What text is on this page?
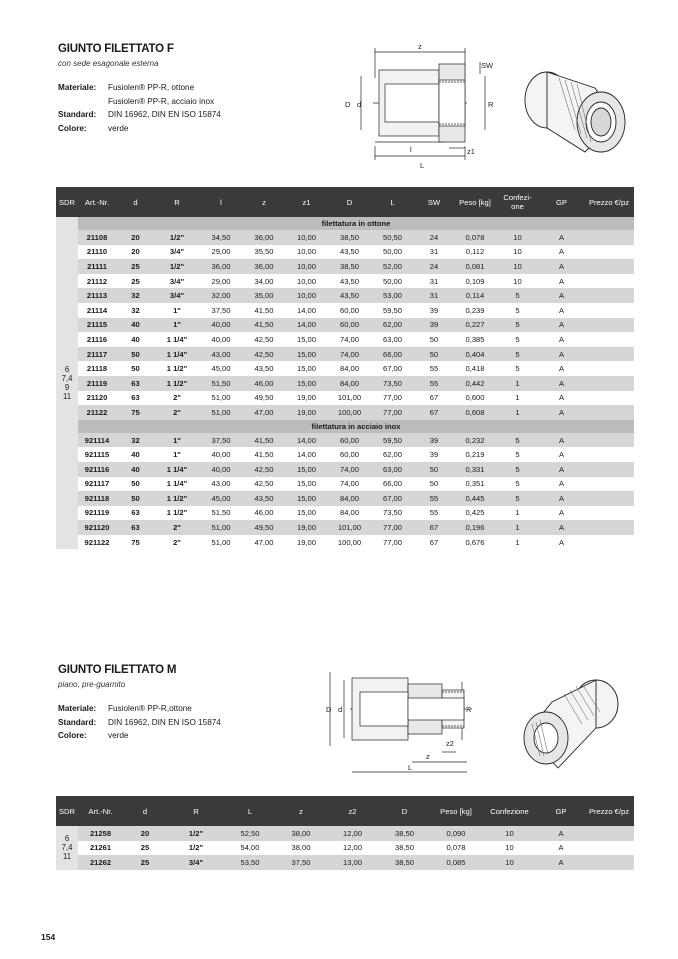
GIUNTO FILETTATO F
con sede esagonale esterna
Materiale:	Fusiolen® PP-R, ottone
Fusiolen® PP-R, acciaio inox
Standard:	DIN 16962, DIN EN ISO 15874
Colore:	verde
z
SW
D d	R
l	z1
L
SDR	Art.-Nr.	d	R	l	z	z1	D	L	SW	Peso [kg]	Confezi- one	GP	Prezzo €/pz
6
7,4
9
11	filettatura in ottone												
	21108	20	1/2"	34,50	36,00	10,00	38,50	50,50	24	0,078	10	A	
	21110	20	3/4"	29,00	35,50	10,00	43,50	50,00	31	0,112	10	A	
	21111	25	1/2"	36,00	36,00	10,00	38,50	52,00	24	0,081	10	A	
	21112	25	3/4"	29,00	34,00	10,00	43,50	50,00	31	0,109	10	A	
	21113	32	3/4"	32,00	35,00	10,00	43,50	53,00	31	0,114	5	A	
	21114	32	1"	37,50	41,50	14,00	60,00	59,50	39	0,239	5	A	
	21115	40	1"	40,00	41,50	14,00	60,00	62,00	39	0,227	5	A	
	21116	40	1 1/4"	40,00	42,50	15,00	74,00	63,00	50	0,385	5	A	
	21117	50	1 1/4"	43,00	42,50	15,00	74,00	66,00	50	0,404	5	A	
	21118	50	1 1/2"	45,00	43,50	15,00	84,00	67,00	55	0,418	5	A	
	21119	63	1 1/2"	51,50	46,00	15,00	84,00	73,50	55	0,442	1	A	
	21120	63	2"	51,00	49,50	19,00	101,00	77,00	67	0,600	1	A	
	21122	75	2"	51,00	47,00	19,00	100,00	77,00	67	0,608	1	A	
	filettatura in acciaio inox												
	921114	32	1"	37,50	41,50	14,00	60,00	59,50	39	0,232	5	A	
	921115	40	1"	40,00	41,50	14,00	60,00	62,00	39	0,219	5	A	
	921116	40	1 1/4"	40,00	42,50	15,00	74,00	63,00	50	0,331	5	A	
	921117	50	1 1/4"	43,00	42,50	15,00	74,00	66,00	50	0,351	5	A	
	921118	50	1 1/2"	45,00	43,50	15,00	84,00	67,00	55	0,445	5	A	
	921119	63	1 1/2"	51,50	46,00	15,00	84,00	73,50	55	0,425	1	A	
	921120	63	2"	51,00	49,50	19,00	101,00	77,00	67	0,196	1	A	
	921122	75	2"	51,00	47,00	19,00	100,00	77,00	67	0,676	1	A	
GIUNTO FILETTATO M
piano, pre-guarnito
Materiale:	Fusiolen® PP-R,ottone
Standard:	DIN 16962, DIN EN ISO 15874
Colore:	verde
D d	R
z2
z
L
SDR	Art.-Nr.	d	R	L	z	z2	D	Peso [kg]	Confezione	GP	Prezzo €/pz
6
7,4
11	21258	20	1/2"	52,50	38,00	12,00	38,50	0,090	10	A	
	21261	25	1/2"	54,00	38,00	12,00	38,50	0,078	10	A	
	21262	25	3/4"	53,50	37,50	13,00	38,50	0,085	10	A	
154
